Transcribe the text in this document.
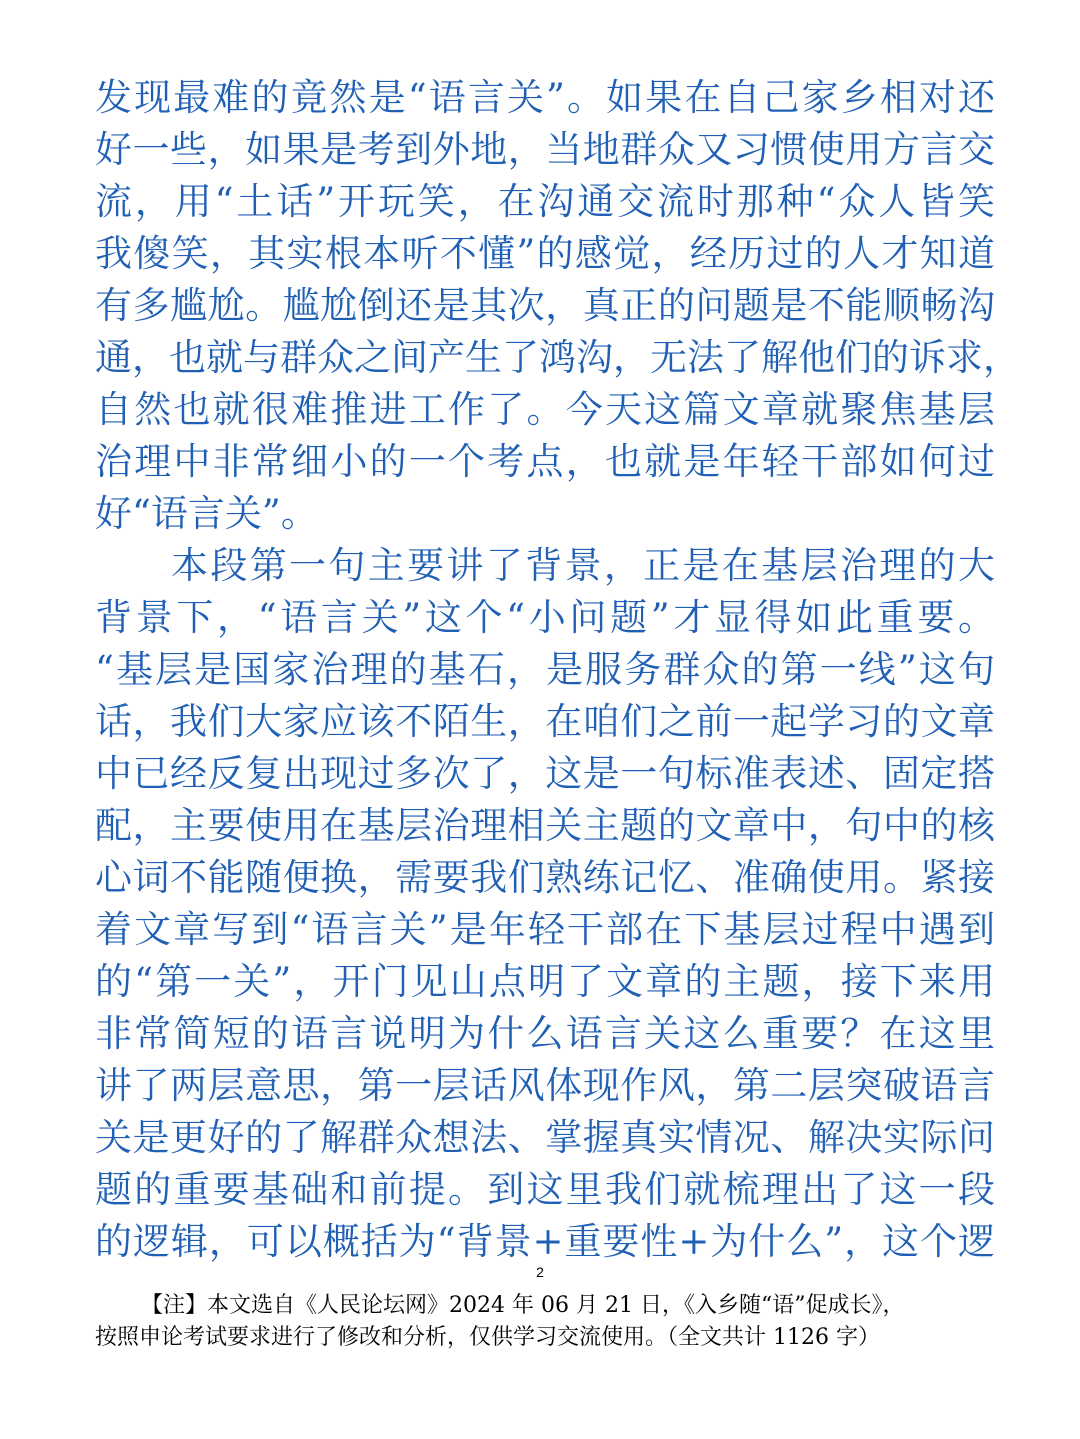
发现最难的竟然是“语言关”。如果在自己家乡相对还
好一些，如果是考到外地，当地群众又习惯使用方言交
流，用“土话”开玩笑，在沟通交流时那种“众人皆笑
我傻笑，其实根本听不懂”的感觉，经历过的人才知道
有多尴尬。尴尬倒还是其次，真正的问题是不能顺畅沟
通，也就与群众之间产生了鸿沟，无法了解他们的诉求，
自然也就很难推进工作了。今天这篇文章就聚焦基层
治理中非常细小的一个考点，也就是年轻干部如何过
好“语言关”。
本段第一句主要讲了背景，正是在基层治理的大
背景下，“语言关”这个“小问题”才显得如此重要。
“基层是国家治理的基石，是服务群众的第一线”这句
话，我们大家应该不陌生，在咱们之前一起学习的文章
中已经反复出现过多次了，这是一句标准表述、固定搭
配，主要使用在基层治理相关主题的文章中，句中的核
心词不能随便换，需要我们熟练记忆、准确使用。紧接
着文章写到“语言关”是年轻干部在下基层过程中遇到
的“第一关”，开门见山点明了文章的主题，接下来用
非常简短的语言说明为什么语言关这么重要？在这里
讲了两层意思，第一层话风体现作风，第二层突破语言
关是更好的了解群众想法、掌握真实情况、解决实际问
题的重要基础和前提。到这里我们就梳理出了这一段
的逻辑，可以概括为“背景+重要性+为什么”，这个逻
2
【注】本文选自《人民论坛网》2024 年 06 月 21 日，《入乡随“语”促成长》，
按照申论考试要求进行了修改和分析，仅供学习交流使用。（全文共计 1126 字）
